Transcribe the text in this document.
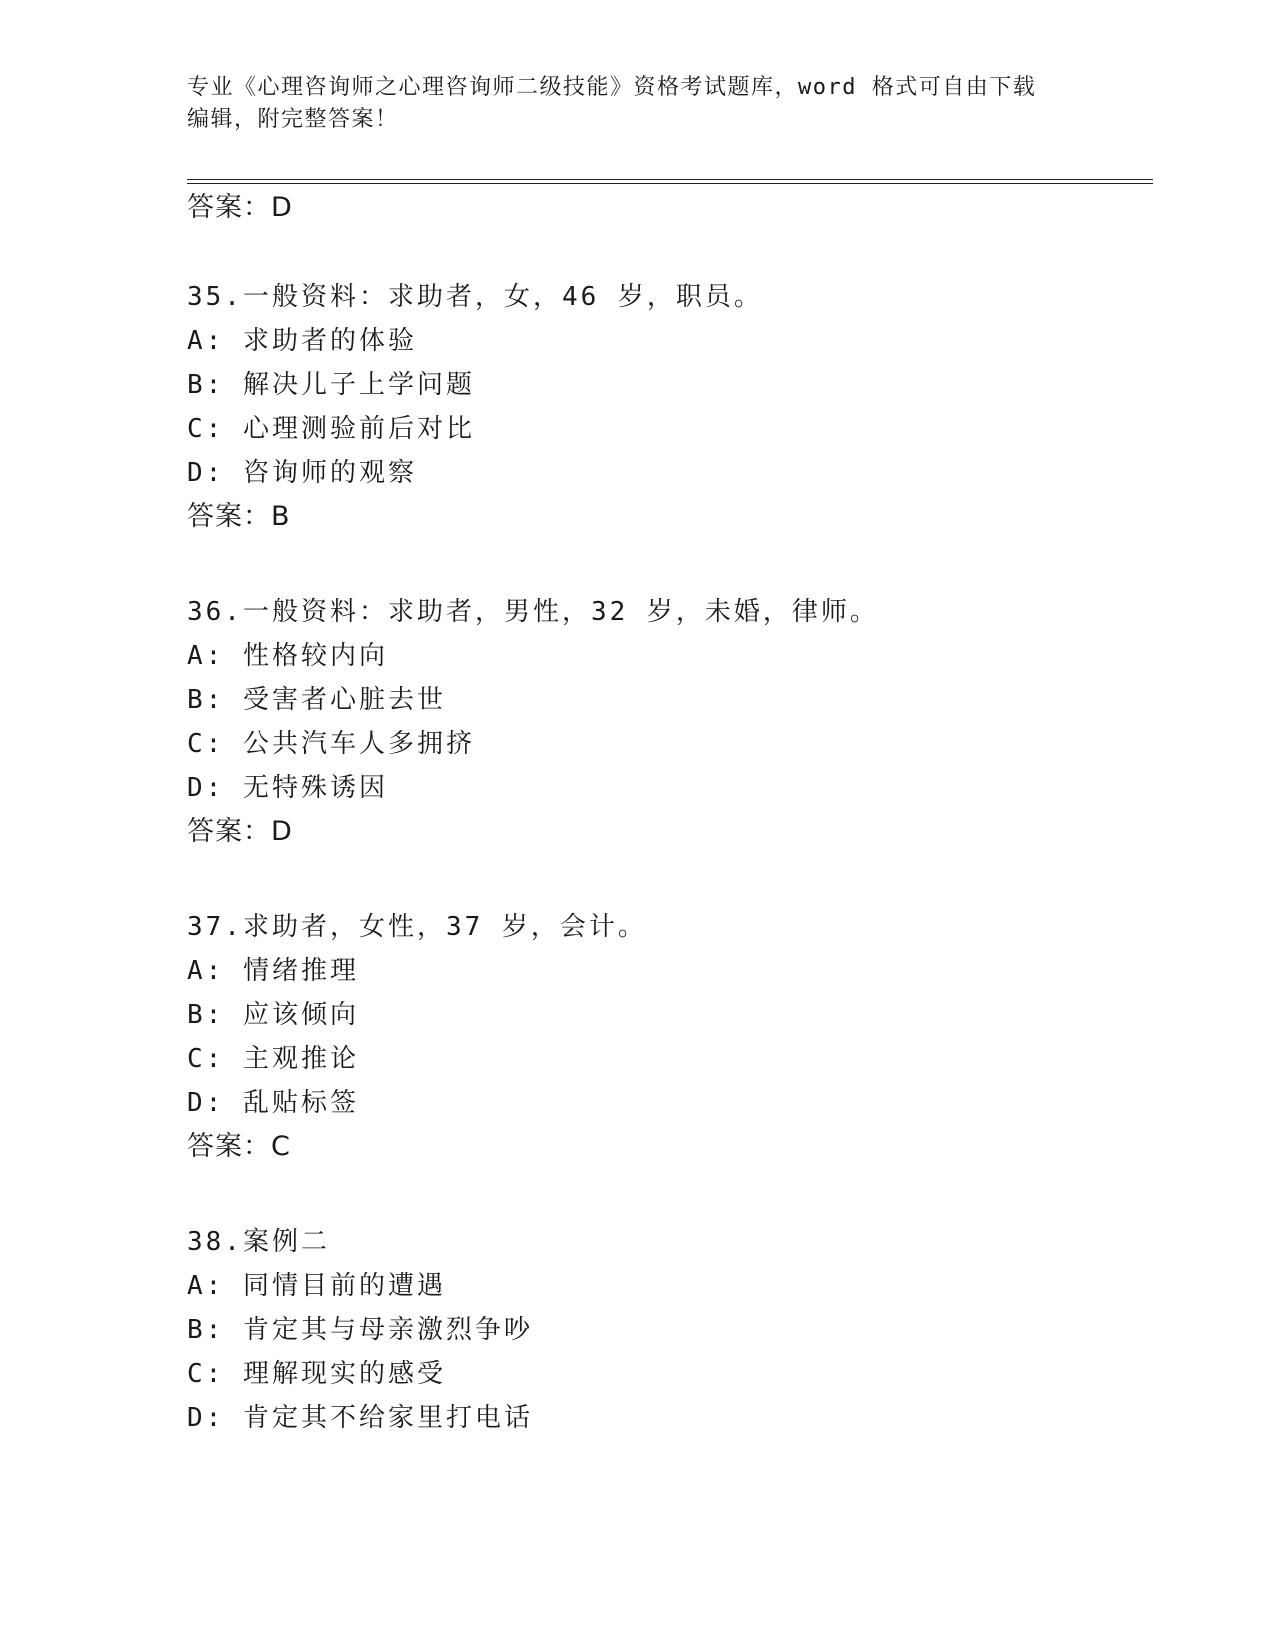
专业《心理咨询师之心理咨询师二级技能》资格考试题库，word 格式可自由下载
编辑，附完整答案！
答案：D
35.一般资料：求助者，女，46 岁，职员。
A: 求助者的体验
B: 解决儿子上学问题
C: 心理测验前后对比
D: 咨询师的观察
答案：B
36.一般资料：求助者，男性，32 岁，未婚，律师。
A: 性格较内向
B: 受害者心脏去世
C: 公共汽车人多拥挤
D: 无特殊诱因
答案：D
37.求助者，女性，37 岁，会计。
A: 情绪推理
B: 应该倾向
C: 主观推论
D: 乱贴标签
答案：C
38.案例二
A: 同情目前的遭遇
B: 肯定其与母亲激烈争吵
C: 理解现实的感受
D: 肯定其不给家里打电话
